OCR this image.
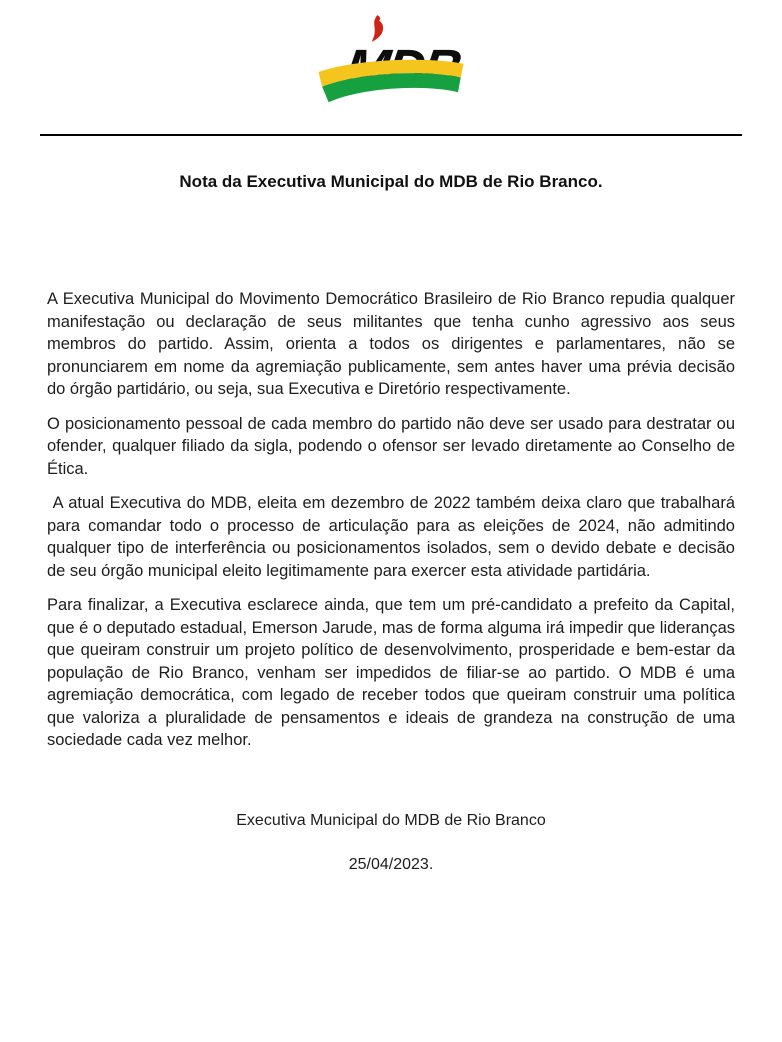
Nota da Executiva Municipal do MDB de Rio Branco.

A Executiva Municipal do Movimento Democrático Brasileiro de Rio Branco repudia qualquer manifestação ou declaração de seus militantes que tenha cunho agressivo aos seus membros do partido. Assim, orienta a todos os dirigentes e parlamentares, não se pronunciarem em nome da agremiação publicamente, sem antes haver uma prévia decisão do órgão partidário, ou seja, sua Executiva e Diretório respectivamente.

O posicionamento pessoal de cada membro do partido não deve ser usado para destratar ou ofender, qualquer filiado da sigla, podendo o ofensor ser levado diretamente ao Conselho de Ética.

A atual Executiva do MDB, eleita em dezembro de 2022 também deixa claro que trabalhará para comandar todo o processo de articulação para as eleições de 2024, não admitindo qualquer tipo de interferência ou posicionamentos isolados, sem o devido debate e decisão de seu órgão municipal eleito legitimamente para exercer esta atividade partidária.

Para finalizar, a Executiva esclarece ainda, que tem um pré-candidato a prefeito da Capital, que é o deputado estadual, Emerson Jarude, mas de forma alguma irá impedir que lideranças que queiram construir um projeto político de desenvolvimento, prosperidade e bem-estar da população de Rio Branco, venham ser impedidos de filiar-se ao partido. O MDB é uma agremiação democrática, com legado de receber todos que queiram construir uma política que valoriza a pluralidade de pensamentos e ideais de grandeza na construção de uma sociedade cada vez melhor.

Executiva Municipal do MDB de Rio Branco

25/04/2023.
